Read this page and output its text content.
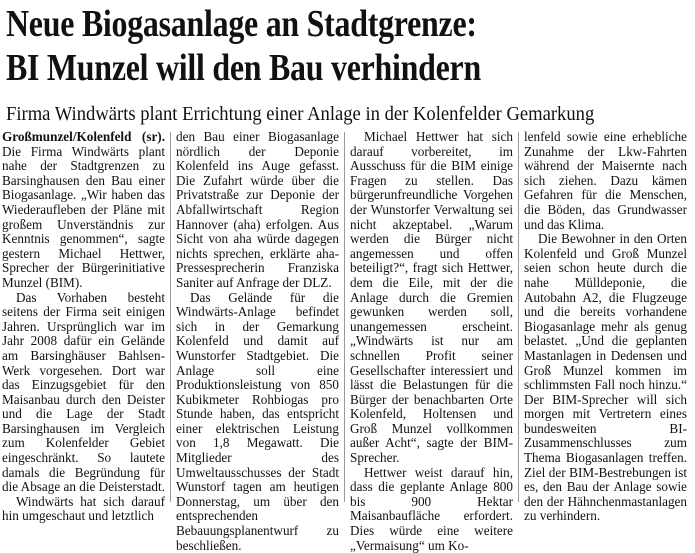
Neue Biogasanlage an Stadtgrenze:
BI Munzel will den Bau verhindern
Firma Windwärts plant Errichtung einer Anlage in der Kolenfelder Gemarkung

Großmunzel/Kolenfeld (sr). Die Firma Windwärts plant nahe der Stadtgrenzen zu Barsinghausen den Bau einer Biogasanlage. „Wir haben das Wiederaufleben der Pläne mit großem Unverständnis zur Kenntnis genommen“, sagte gestern Michael Hettwer, Sprecher der Bürgerinitiative Munzel (BIM).

Das Vorhaben besteht seitens der Firma seit einigen Jahren. Ursprünglich war im Jahr 2008 dafür ein Gelände am Barsinghäuser Bahlsen-Werk vorgesehen. Dort war das Einzugsgebiet für den Maisanbau durch den Deister und die Lage der Stadt Barsinghausen im Vergleich zum Kolenfelder Gebiet eingeschränkt. So lautete damals die Begründung für die Absage an die Deisterstadt.

Windwärts hat sich darauf hin umgeschaut und letztlich

den Bau einer Biogasanlage nördlich der Deponie Kolenfeld ins Auge gefasst. Die Zufahrt würde über die Privatstraße zur Deponie der Abfallwirtschaft Region Hannover (aha) erfolgen. Aus Sicht von aha würde dagegen nichts sprechen, erklärte aha-Pressesprecherin Franziska Saniter auf Anfrage der DLZ.

Das Gelände für die Windwärts-Anlage befindet sich in der Gemarkung Kolenfeld und damit auf Wunstorfer Stadtgebiet. Die Anlage soll eine Produktionsleistung von 850 Kubikmeter Rohbiogas pro Stunde haben, das entspricht einer elektrischen Leistung von 1,8 Megawatt. Die Mitglieder des Umweltausschusses der Stadt Wunstorf tagen am heutigen Donnerstag, um über den entsprechenden Bebauungsplanentwurf zu beschließen.

Michael Hettwer hat sich darauf vorbereitet, im Ausschuss für die BIM einige Fragen zu stellen. Das bürgerunfreundliche Vorgehen der Wunstorfer Verwaltung sei nicht akzeptabel. „Warum werden die Bürger nicht angemessen und offen beteiligt?“, fragt sich Hettwer, dem die Eile, mit der die Anlage durch die Gremien gewunken werden soll, unangemessen erscheint. „Windwärts ist nur am schnellen Profit seiner Gesellschafter interessiert und lässt die Belastungen für die Bürger der benachbarten Orte Kolenfeld, Holtensen und Groß Munzel vollkommen außer Acht“, sagte der BIM-Sprecher.

Hettwer weist darauf hin, dass die geplante Anlage 800 bis 900 Hektar Maisanbaufläche erfordert. Dies würde eine weitere „Vermaisung“ um Ko-

lenfeld sowie eine erhebliche Zunahme der Lkw-Fahrten während der Maisernte nach sich ziehen. Dazu kämen Gefahren für die Menschen, die Böden, das Grundwasser und das Klima.

Die Bewohner in den Orten Kolenfeld und Groß Munzel seien schon heute durch die nahe Mülldeponie, die Autobahn A2, die Flugzeuge und die bereits vorhandene Biogasanlage mehr als genug belastet. „Und die geplanten Mastanlagen in Dedensen und Groß Munzel kommen im schlimmsten Fall noch hinzu.“ Der BIM-Sprecher will sich morgen mit Vertretern eines bundesweiten BI-Zusammenschlusses zum Thema Biogasanlagen treffen. Ziel der BIM-Bestrebungen ist es, den Bau der Anlage sowie den der Hähnchenmastanlagen zu verhindern.
